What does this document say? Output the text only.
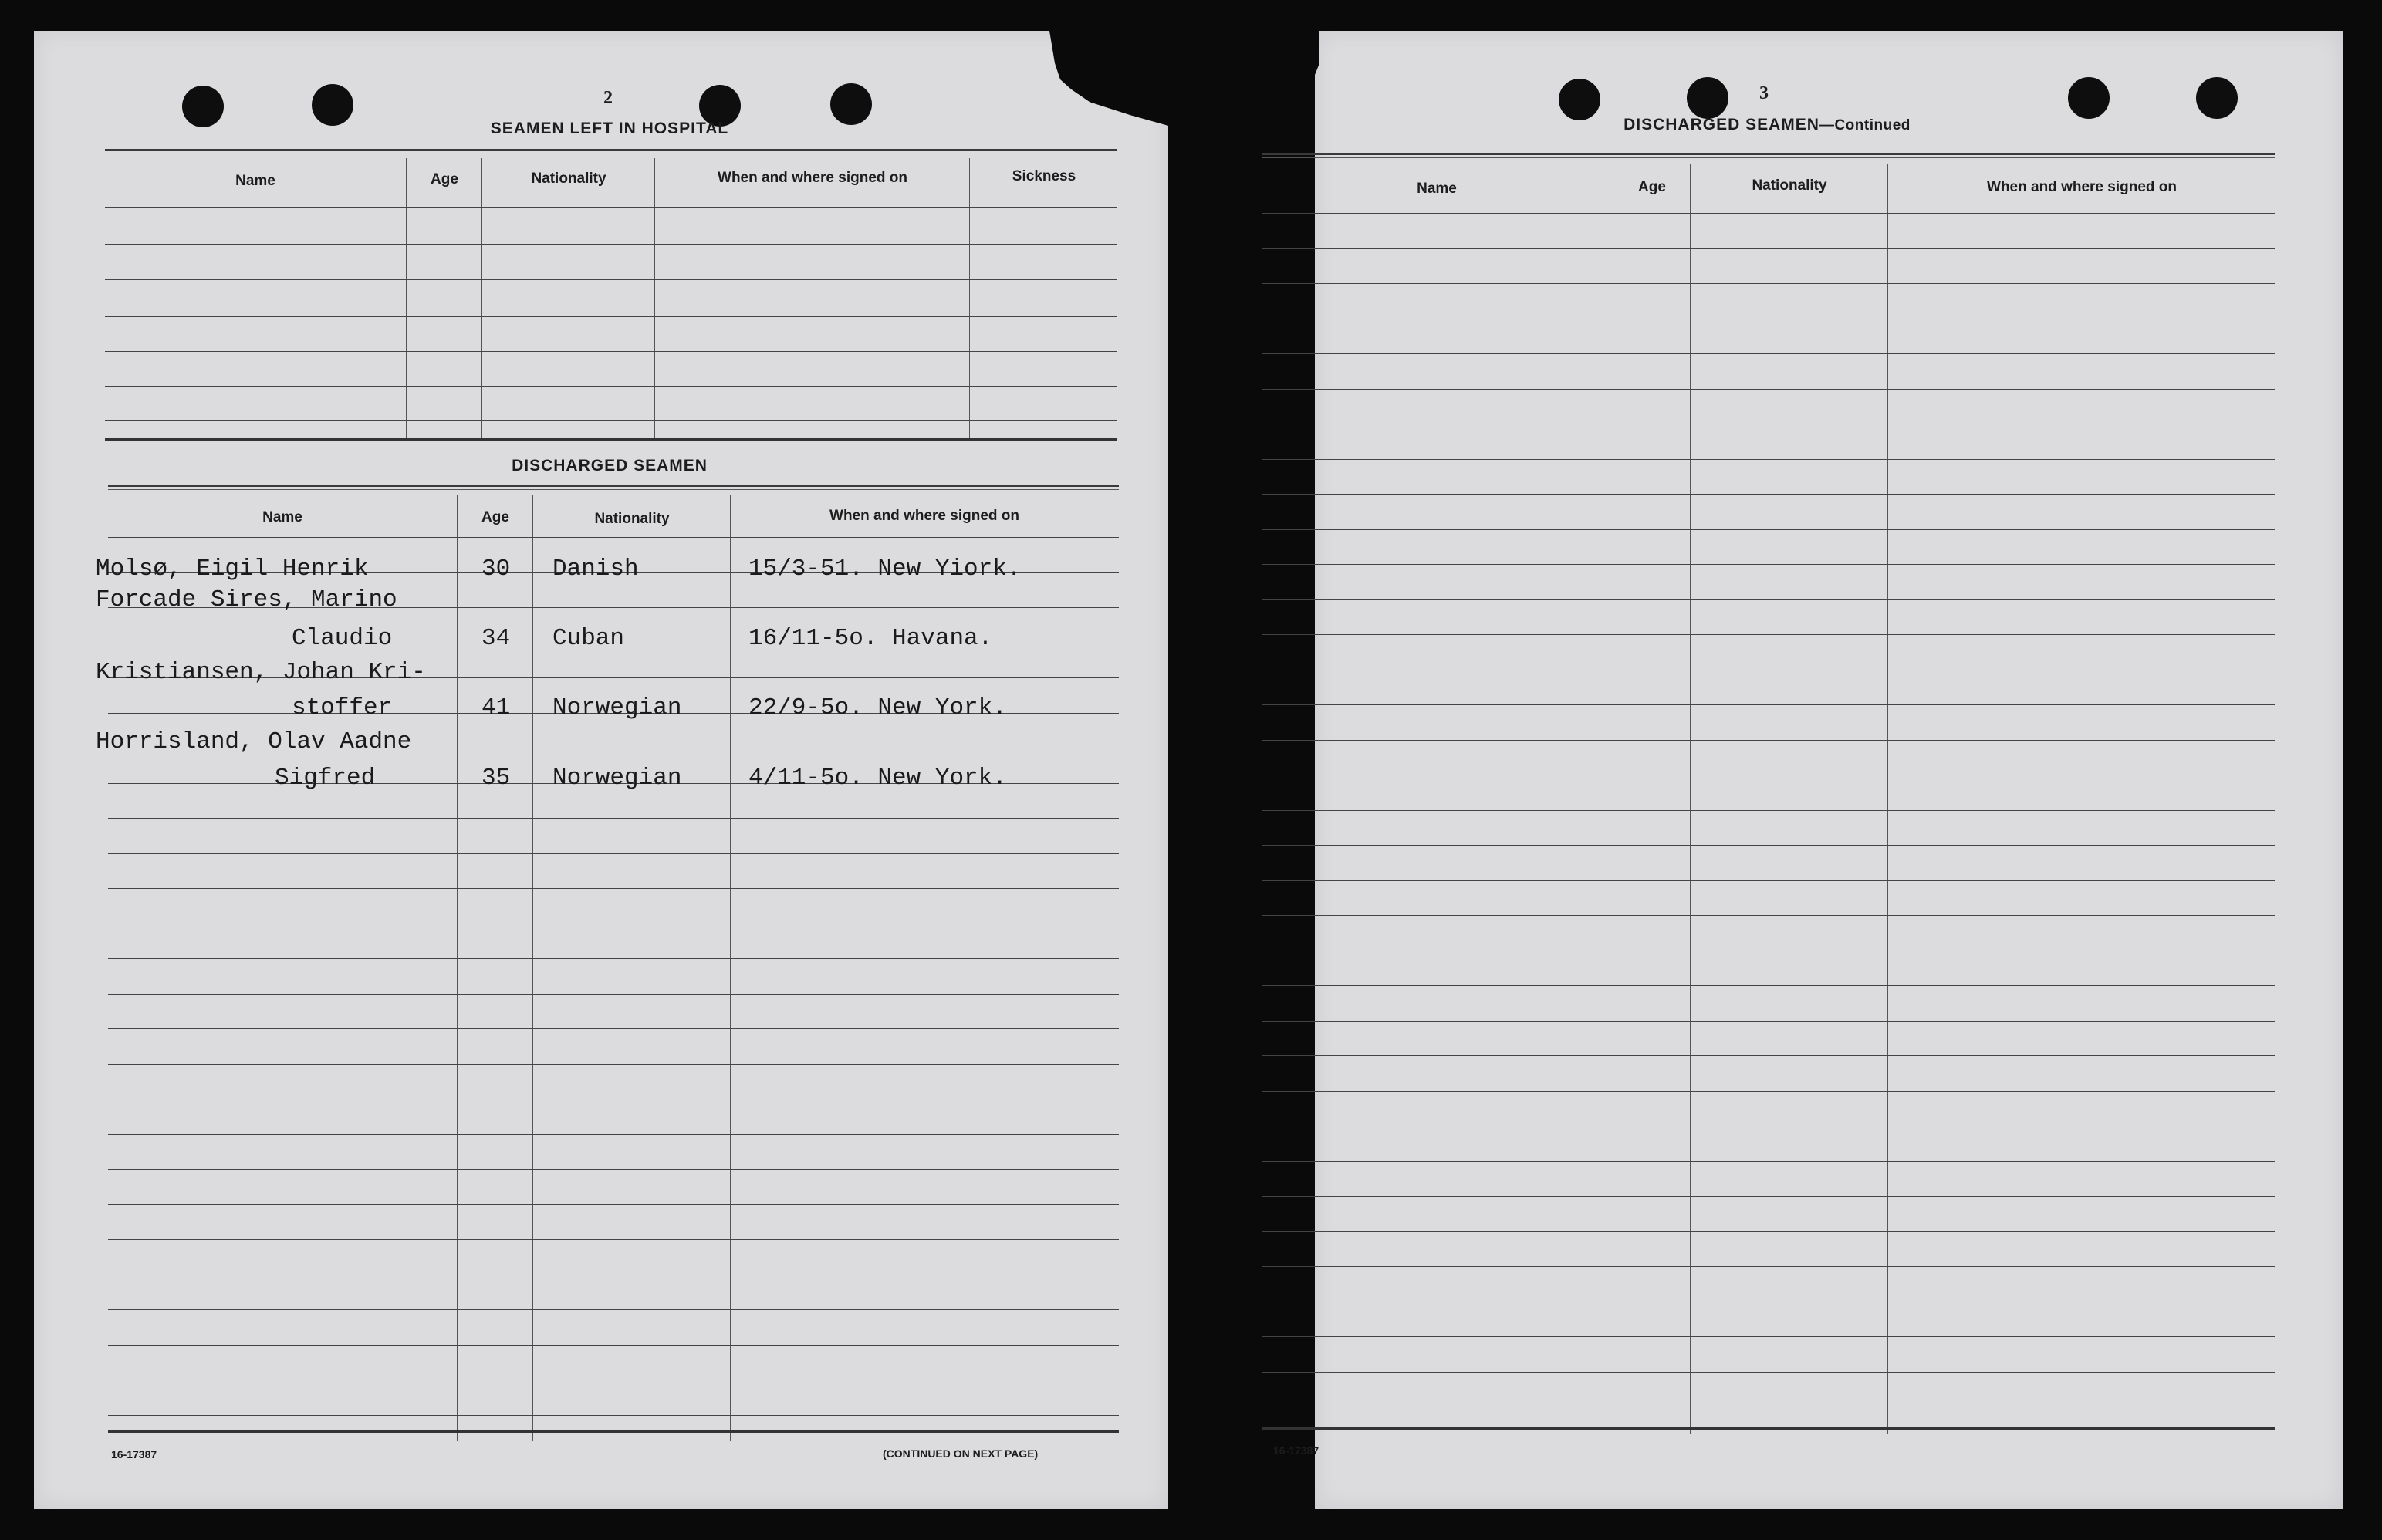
2
SEAMEN LEFT IN HOSPITAL
Name	Age	Nationality	When and where signed on	Sickness
DISCHARGED SEAMEN
Name	Age	Nationality	When and where signed on
Molsø, Eigil Henrik	30 Danish	15/3-51. New Yiork.
Forcade Sires, Marino
Claudio	34 Cuban	16/11-5o. Havana.
Kristiansen, Johan Kri-
stoffer	41 Norwegian	22/9-5o. New York.
Horrisland, Olav Aadne
Sigfred	35 Norwegian	4/11-5o. New York.
16-17387	(CONTINUED ON NEXT PAGE)
3
DISCHARGED SEAMEN—Continued
Name	Age	Nationality	When and where signed on
16-17387
